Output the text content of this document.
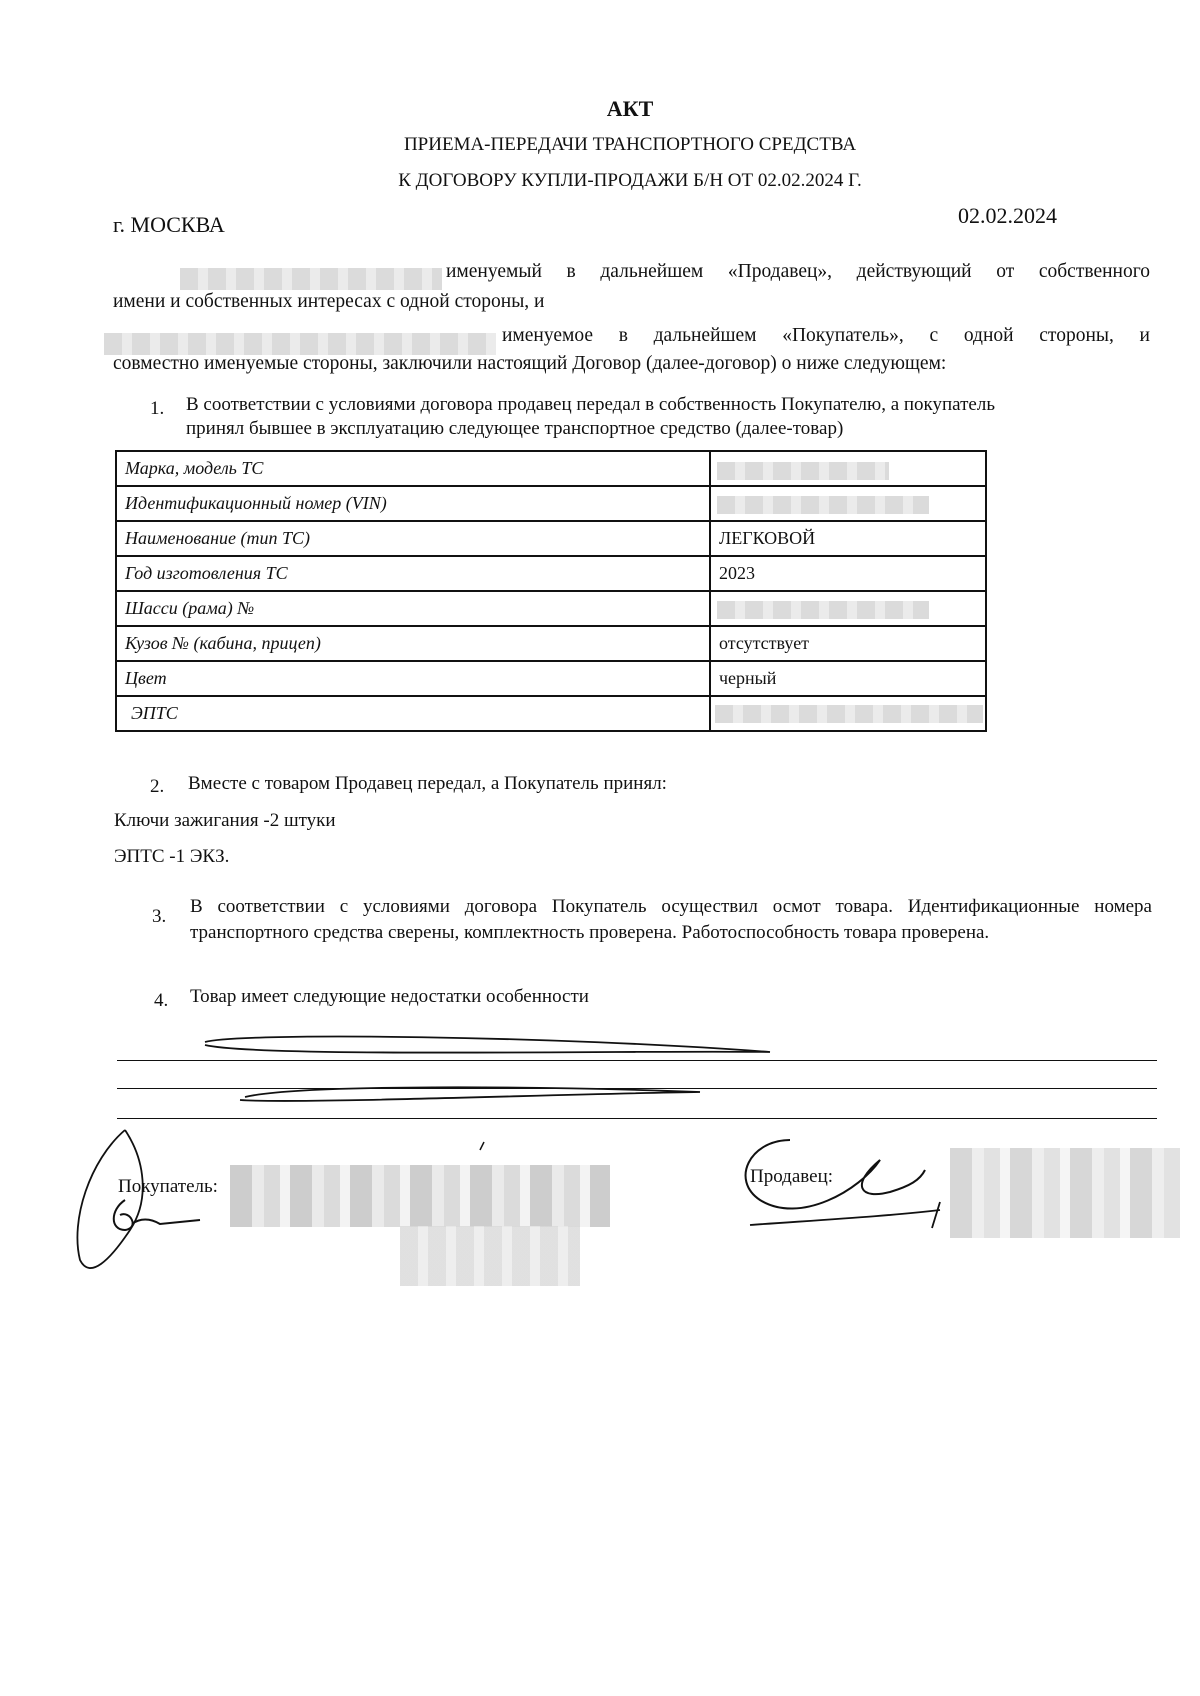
АКТ
ПРИЕМА-ПЕРЕДАЧИ ТРАНСПОРТНОГО СРЕДСТВА
К ДОГОВОРУ КУПЛИ-ПРОДАЖИ Б/Н ОТ 02.02.2024 Г.
г. МОСКВА	02.02.2024
именуемый в дальнейшем «Продавец», действующий от собственного
имени и собственных интересах с одной стороны, и
именуемое в дальнейшем «Покупатель», с одной стороны, и
совместно именуемые стороны, заключили настоящий Договор (далее-договор) о ниже следующем:
1. В соответствии с условиями договора продавец передал в собственность Покупателю, а покупатель
принял бывшее в эксплуатацию следующее транспортное средство (далее-товар)
Марка, модель ТС	

Идентификационный номер (VIN)	

Наименование (тип ТС)	ЛЕГКОВОЙ
Год изготовления ТС	2023
Шасси (рама) №	

Кузов № (кабина, прицеп)	отсутствует
Цвет	черный
ЭПТС	
2. Вместе с товаром Продавец передал, а Покупатель принял:
Ключи зажигания -2 штуки
ЭПТС -1 ЭКЗ.
3. В соответствии с условиями договора Покупатель осуществил осмот товара. Идентификационные номера
транспортного средства сверены, комплектность проверена. Работоспособность товара проверена.
4. Товар имеет следующие недостатки особенности
Покупатель:	Продавец:
